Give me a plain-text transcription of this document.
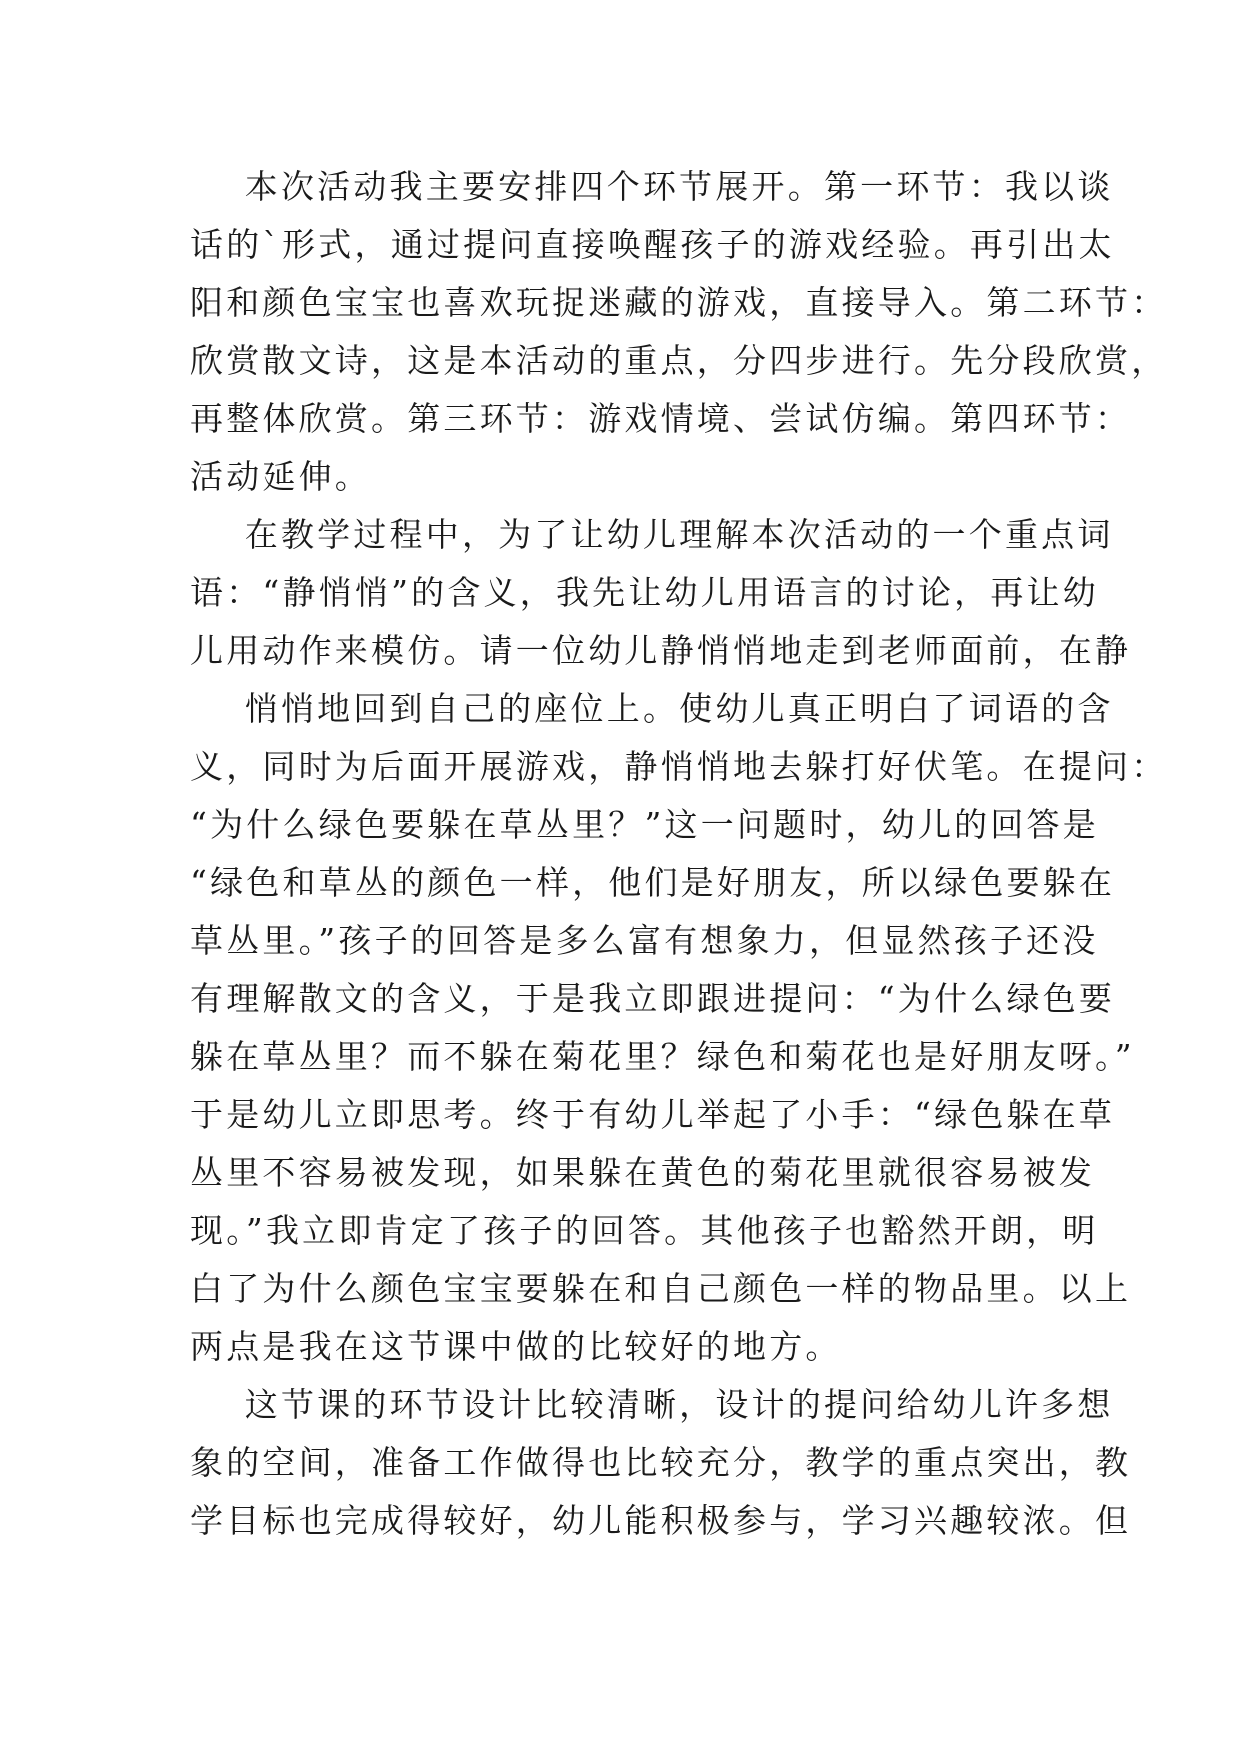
本次活动我主要安排四个环节展开。第一环节：我以谈
话的`形式，通过提问直接唤醒孩子的游戏经验。再引出太
阳和颜色宝宝也喜欢玩捉迷藏的游戏，直接导入。第二环节：
欣赏散文诗，这是本活动的重点，分四步进行。先分段欣赏，
再整体欣赏。第三环节：游戏情境、尝试仿编。第四环节：
活动延伸。
在教学过程中，为了让幼儿理解本次活动的一个重点词
语：“静悄悄”的含义，我先让幼儿用语言的讨论，再让幼
儿用动作来模仿。请一位幼儿静悄悄地走到老师面前，在静
悄悄地回到自己的座位上。使幼儿真正明白了词语的含
义，同时为后面开展游戏，静悄悄地去躲打好伏笔。在提问：
“为什么绿色要躲在草丛里？”这一问题时，幼儿的回答是
“绿色和草丛的颜色一样，他们是好朋友，所以绿色要躲在
草丛里。”孩子的回答是多么富有想象力，但显然孩子还没
有理解散文的含义，于是我立即跟进提问：“为什么绿色要
躲在草丛里？而不躲在菊花里？绿色和菊花也是好朋友呀。”
于是幼儿立即思考。终于有幼儿举起了小手：“绿色躲在草
丛里不容易被发现，如果躲在黄色的菊花里就很容易被发
现。”我立即肯定了孩子的回答。其他孩子也豁然开朗，明
白了为什么颜色宝宝要躲在和自己颜色一样的物品里。以上
两点是我在这节课中做的比较好的地方。
这节课的环节设计比较清晰，设计的提问给幼儿许多想
象的空间，准备工作做得也比较充分，教学的重点突出，教
学目标也完成得较好，幼儿能积极参与，学习兴趣较浓。但
